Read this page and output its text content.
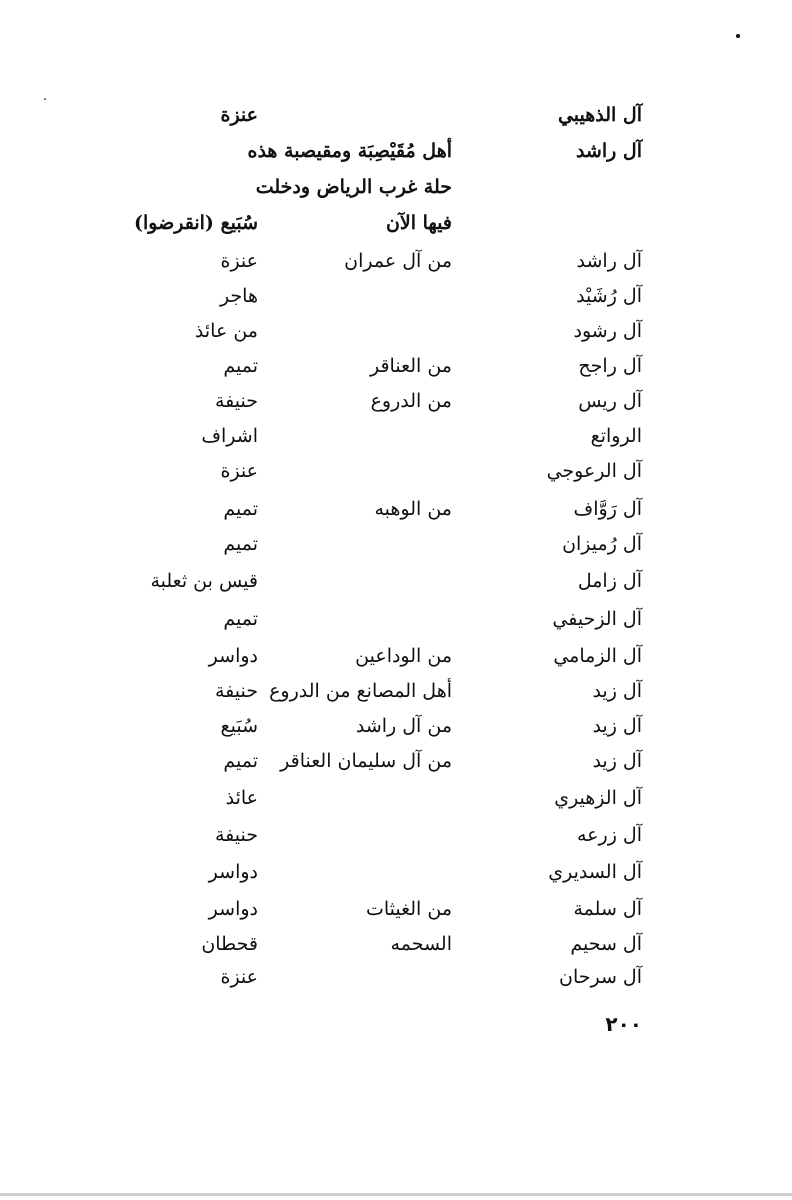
آل الذهيبي
عنزة
آل راشد
أهل مُقَيْصِبَة ومقيصبة هذه
حلة غرب الرياض ودخلت
فيها الآن
سُبَيع (انقرضوا)
آل راشد
من آل عمران
عنزة
آل رُشَيْد
هاجر
آل رشود
من عائذ
آل راجح
من العناقر
تميم
آل ريس
من الدروع
حنيفة
الرواتع
اشراف
آل الرعوجي
عنزة
آل رَوَّاف
من الوهبه
تميم
آل رُميزان
تميم
آل زامل
قيس بن ثعلبة
آل الزحيفي
تميم
آل الزمامي
من الوداعين
دواسر
آل زيد
أهل المصانع من الدروع
حنيفة
آل زيد
من آل راشد
سُبَيع
آل زيد
من آل سليمان العناقر
تميم
آل الزهيري
عائذ
آل زرعه
حنيفة
آل السديري
دواسر
آل سلمة
من الغيثات
دواسر
آل سحيم
السحمه
قحطان
آل سرحان
عنزة
٢٠٠
